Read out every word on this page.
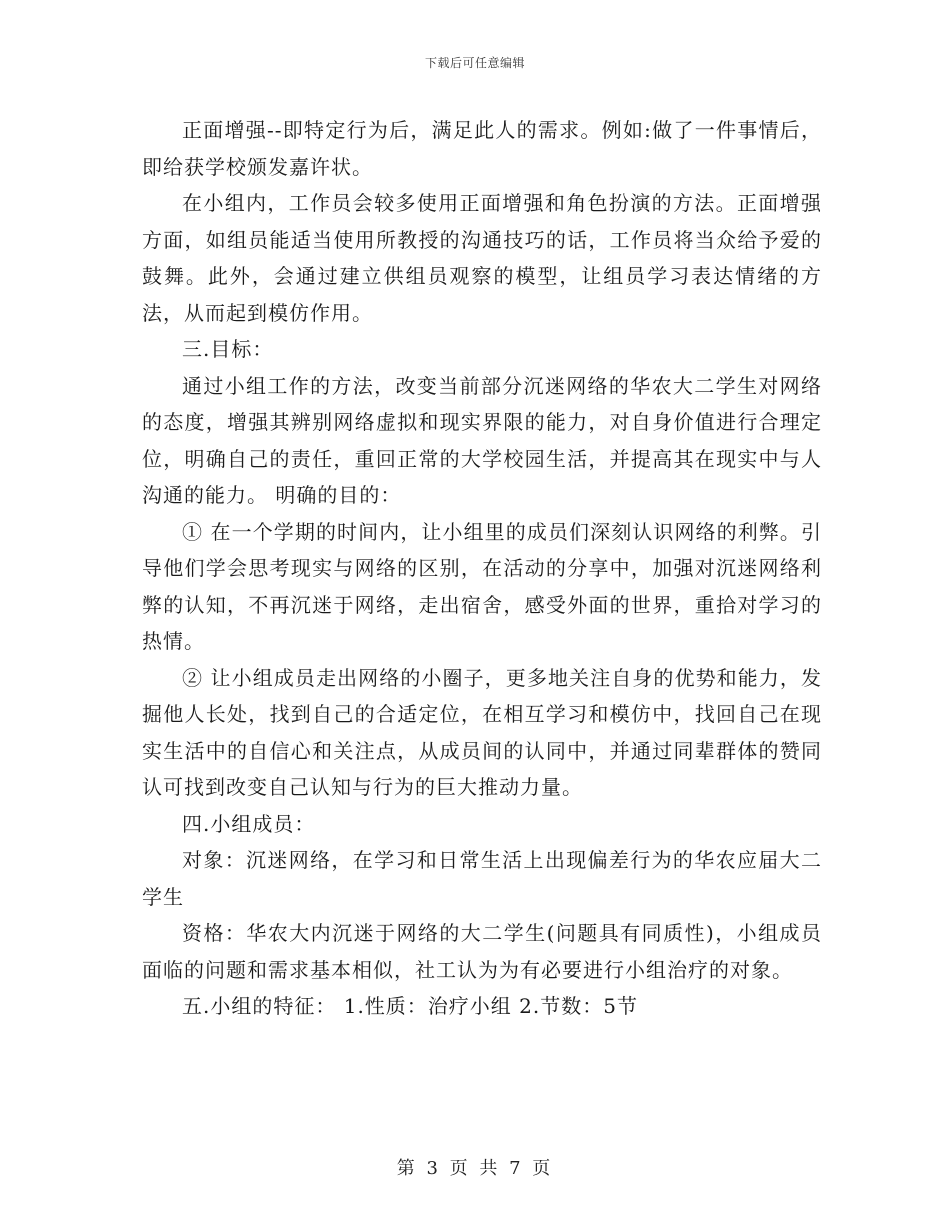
下载后可任意编辑

正面增强--即特定行为后，满足此人的需求。例如:做了一件事情后，即给获学校颁发嘉许状。

在小组内，工作员会较多使用正面增强和角色扮演的方法。正面增强方面，如组员能适当使用所教授的沟通技巧的话，工作员将当众给予爱的鼓舞。此外，会通过建立供组员观察的模型，让组员学习表达情绪的方法，从而起到模仿作用。

三.目标：

通过小组工作的方法，改变当前部分沉迷网络的华农大二学生对网络的态度，增强其辨别网络虚拟和现实界限的能力，对自身价值进行合理定位，明确自己的责任，重回正常的大学校园生活，并提高其在现实中与人沟通的能力。 明确的目的：

① 在一个学期的时间内，让小组里的成员们深刻认识网络的利弊。引导他们学会思考现实与网络的区别，在活动的分享中，加强对沉迷网络利弊的认知，不再沉迷于网络，走出宿舍，感受外面的世界，重拾对学习的热情。

② 让小组成员走出网络的小圈子，更多地关注自身的优势和能力，发掘他人长处，找到自己的合适定位，在相互学习和模仿中，找回自己在现实生活中的自信心和关注点，从成员间的认同中，并通过同辈群体的赞同认可找到改变自己认知与行为的巨大推动力量。

四.小组成员：

对象：沉迷网络，在学习和日常生活上出现偏差行为的华农应届大二学生

资格：华农大内沉迷于网络的大二学生(问题具有同质性)，小组成员面临的问题和需求基本相似，社工认为为有必要进行小组治疗的对象。

五.小组的特征： 1.性质：治疗小组 2.节数：5节

第 3 页 共 7 页
